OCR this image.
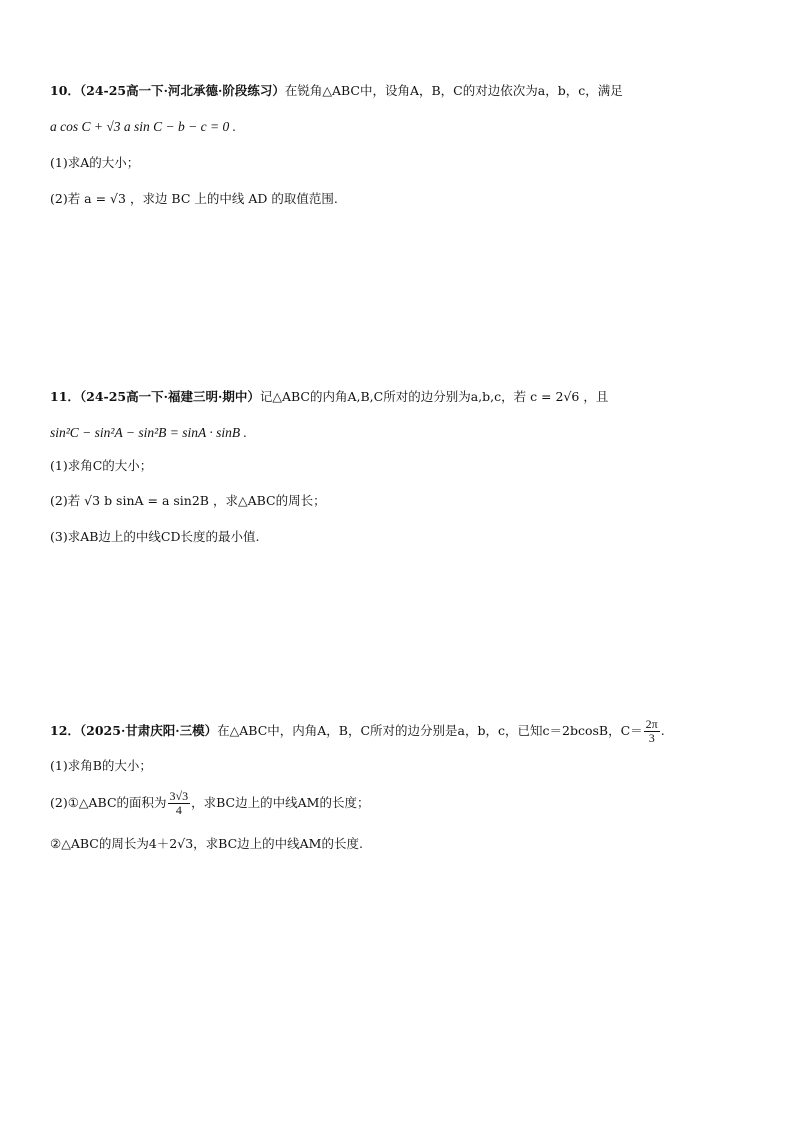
10．（24-25高一下·河北承德·阶段练习）在锐角△ABC中，设角A，B，C的对边依次为a，b，c，满足
a cos C + √3 a sin C − b − c = 0 .
(1)求A的大小；
(2)若 a = √3 ，求边 BC 上的中线 AD 的取值范围.
11．（24-25高一下·福建三明·期中）记△ABC的内角A,B,C所对的边分别为a,b,c，若 c = 2√6 ，且
sin²C − sin²A − sin²B = sinA · sinB .
(1)求角C的大小；
(2)若 √3 b sinA = a sin2B ，求△ABC的周长；
(3)求AB边上的中线CD长度的最小值.
12．（2025·甘肃庆阳·三模）在△ABC中，内角A，B，C所对的边分别是a，b，c，已知c＝2bcosB，$C= \frac{2\pi}{3}$ .
(1)求角B的大小；
(2)①△ABC的面积为 $\frac{3√3}{4}$ ，求BC边上的中线AM的长度；
②△ABC的周长为4＋2√3，求BC边上的中线AM的长度.
